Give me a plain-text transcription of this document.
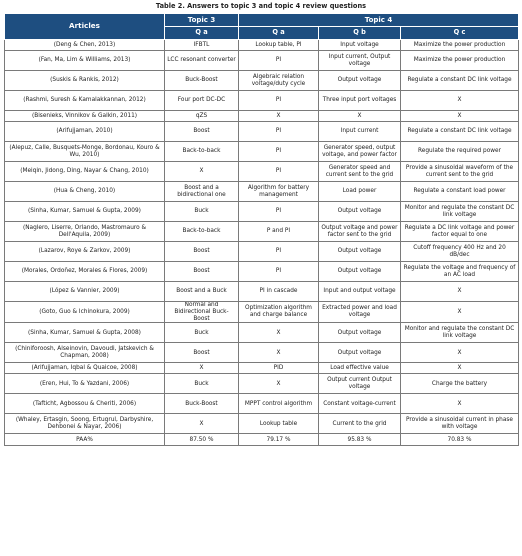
Table 2. Answers to topic 3 and topic 4 review questions
Articles	Topic 3	Topic 4		
	Q a	Q a	Q b	Q c
(Deng & Chen, 2013)	IFBTL	Lookup table, PI	Input voltage	Maximize the power production
(Fan, Ma, Lim & Williams, 2013)	LCC resonant converter	PI	Input current, Output voltage	Maximize the power production
(Suskis & Rankis, 2012)	Buck-Boost	Algebraic relation voltage/duty cycle	Output voltage	Regulate a constant DC link voltage
(Rashmi, Suresh & Kamalakkannan, 2012)	Four port DC-DC	PI	Three input port voltages	X
(Bisenieks, Vinnikov & Galkin, 2011)	qZS	X	X	X
(Arifujjaman, 2010)	Boost	PI	Input current	Regulate a constant DC link voltage
(Alepuz, Calle, Busquets-Monge, Bordonau, Kouro & Wu, 2010)	Back-to-back	PI	Generator speed, output voltage, and power factor	Regulate the required power
(Meiqin, Jidong, Ding, Nayar & Chang, 2010)	X	PI	Generator speed and current sent to the grid	Provide a sinusoidal waveform of the current sent to the grid
(Hua & Cheng, 2010)	Boost and a bidirectional one	Algorithm for battery management	Load power	Regulate a constant load power
(Sinha, Kumar, Samuel & Gupta, 2009)	Buck	PI	Output voltage	Monitor and regulate the constant DC link voltage
(Naglero, Liserre, Orlando, Mastromauro & Dell'Aquila, 2009)	Back-to-back	P and PI	Output voltage and power factor sent to the grid	Regulate a DC link voltage and power factor equal to one
(Lazarov, Roye & Zarkov, 2009)	Boost	PI	Output voltage	Cutoff frequency 400 Hz and 20 dB/dec
(Morales, Ordoñez, Morales & Flores, 2009)	Boost	PI	Output voltage	Regulate the voltage and frequency of an AC load
(López & Vannier, 2009)	Boost and a Buck	PI in cascade	Input and output voltage	X
(Goto, Guo & Ichinokura, 2009)	Normal and Bidirectional Buck-Boost	Optimization algorithm and charge balance	Extracted power and load voltage	X
(Sinha, Kumar, Samuel & Gupta, 2008)	Buck	X	Output voltage	Monitor and regulate the constant DC link voltage
(Chiniforoosh, Alseinovin, Davoudi, Jatskevich & Chapman, 2008)	Boost	X	Output voltage	X
(Arifujjaman, Iqbal & Quaicoe, 2008)	X	PID	Load effective value	X
(Eren, Hui, To & Yazdani, 2006)	Buck	X	Output current Output voltage	Charge the battery
(Tafticht, Agbossou & Cheriti, 2006)	Buck-Boost	MPPT control algorithm	Constant voltage-current	X
(Whaley, Ertasgin, Soong, Ertugrul, Darbyshire, Dehbonei & Nayar, 2006)	X	Lookup table	Current to the grid	Provide a sinusoidal current in phase with voltage
PAA%	87.50 %	79.17 %	95.83 %	70.83 %
